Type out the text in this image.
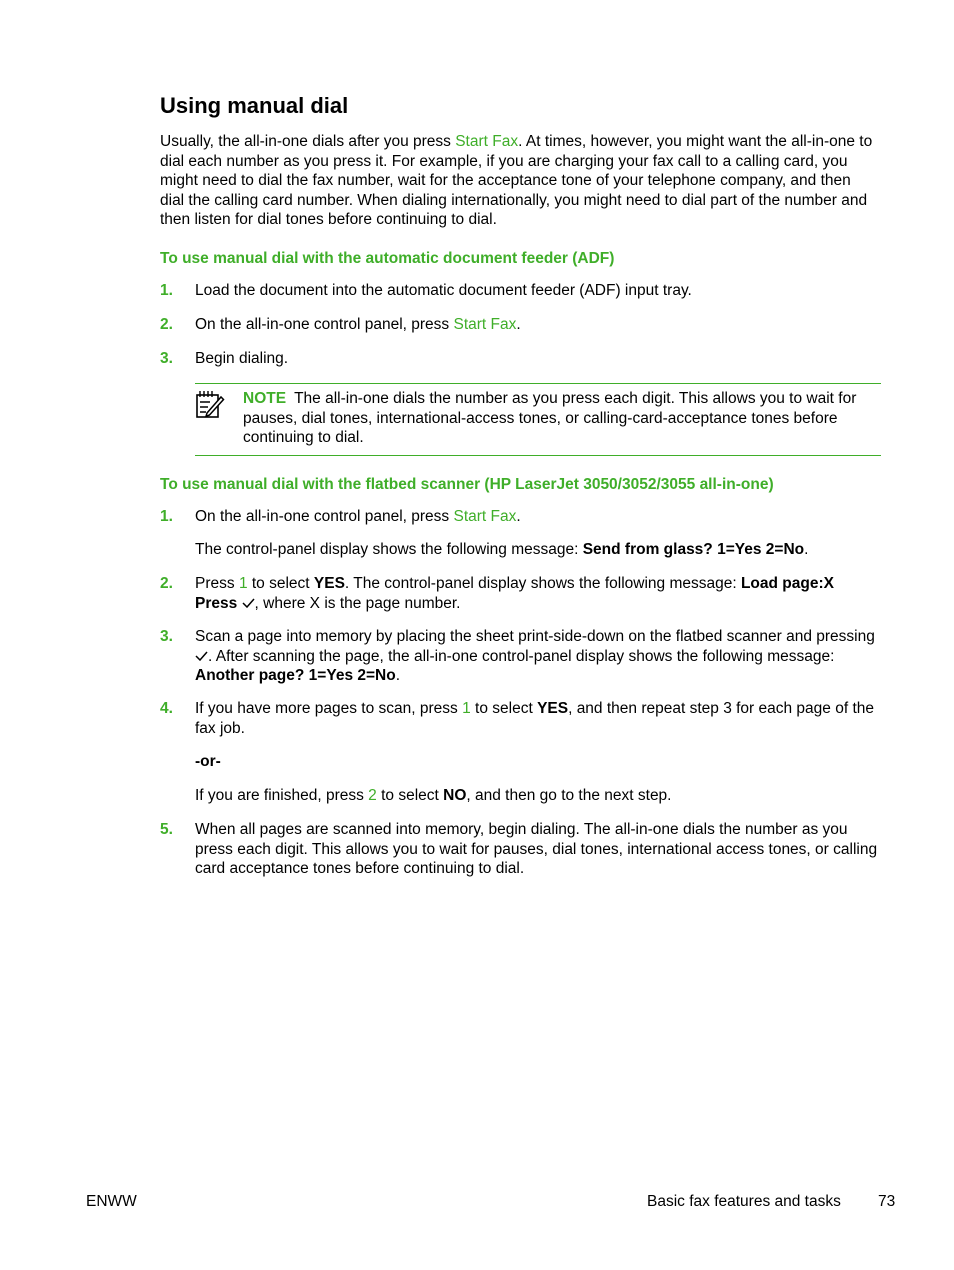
Using manual dial

Usually, the all-in-one dials after you press Start Fax. At times, however, you might want the all-in-one to dial each number as you press it. For example, if you are charging your fax call to a calling card, you might need to dial the fax number, wait for the acceptance tone of your telephone company, and then dial the calling card number. When dialing internationally, you might need to dial part of the number and then listen for dial tones before continuing to dial.

To use manual dial with the automatic document feeder (ADF)
1. Load the document into the automatic document feeder (ADF) input tray.
2. On the all-in-one control panel, press Start Fax.
3. Begin dialing.
NOTE The all-in-one dials the number as you press each digit. This allows you to wait for pauses, dial tones, international-access tones, or calling-card-acceptance tones before continuing to dial.
To use manual dial with the flatbed scanner (HP LaserJet 3050/3052/3055 all-in-one)
1. On the all-in-one control panel, press Start Fax.
The control-panel display shows the following message: Send from glass? 1=Yes 2=No.
2. Press 1 to select YES. The control-panel display shows the following message: Load page:X Press , where X is the page number.
3. Scan a page into memory by placing the sheet print-side-down on the flatbed scanner and pressing . After scanning the page, the all-in-one control-panel display shows the following message: Another page? 1=Yes 2=No.
4. If you have more pages to scan, press 1 to select YES, and then repeat step 3 for each page of the fax job.
-or-
If you are finished, press 2 to select NO, and then go to the next step.
5. When all pages are scanned into memory, begin dialing. The all-in-one dials the number as you press each digit. This allows you to wait for pauses, dial tones, international access tones, or calling card acceptance tones before continuing to dial.
ENWW	Basic fax features and tasks 73
